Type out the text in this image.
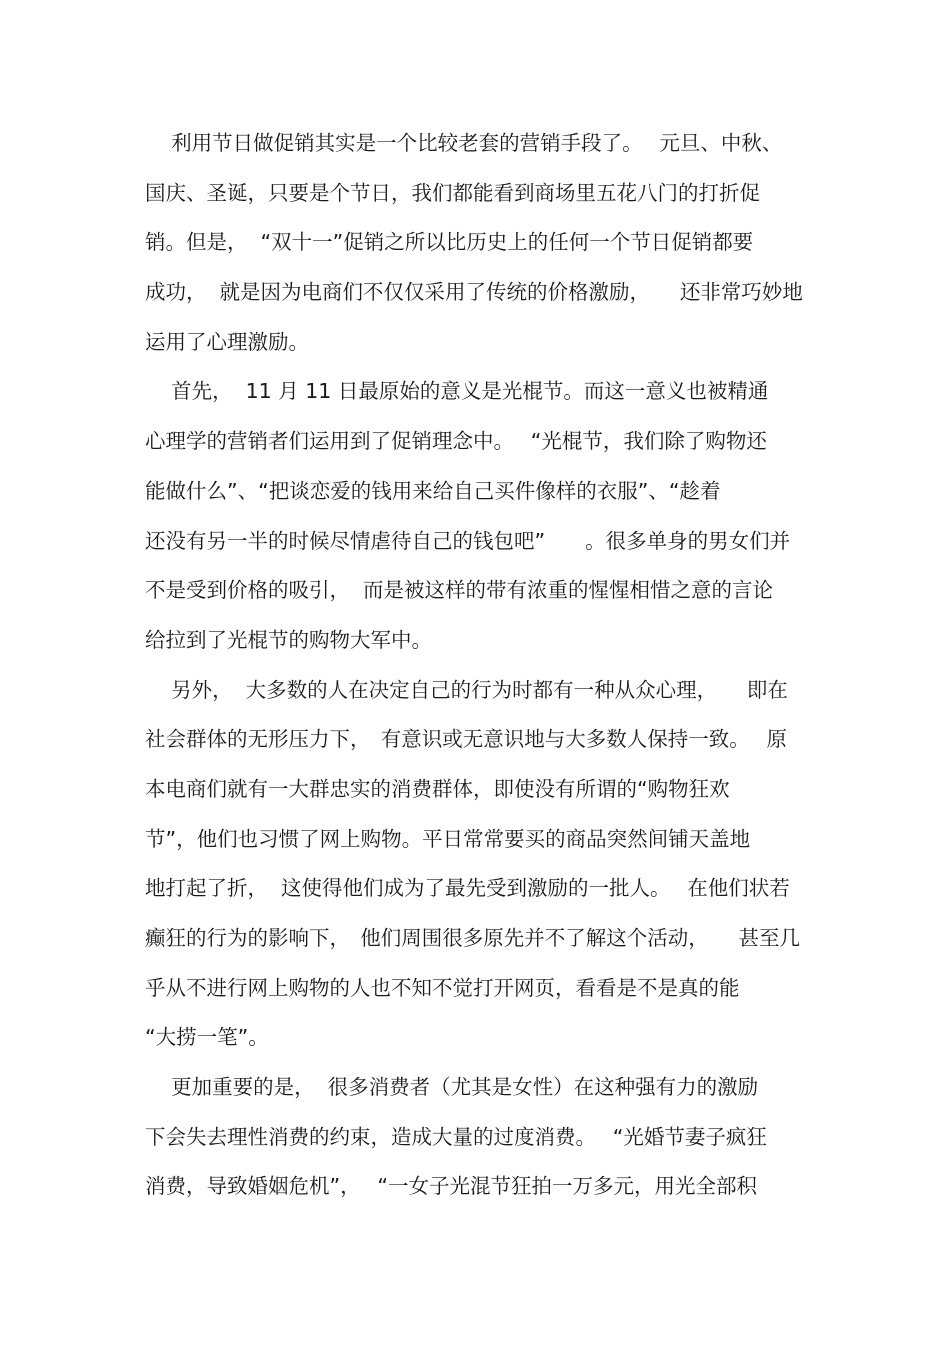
利用节日做促销其实是一个比较老套的营销手段了。　 元旦、中秋、
国庆、圣诞，只要是个节日，我们都能看到商场里五花八门的打折促
销。但是，  “双十一”促销之所以比历史上的任何一个节日促销都要
成功，  就是因为电商们不仅仅采用了传统的价格激励，　   还非常巧妙地
运用了心理激励。
首先，  11 月 11 日最原始的意义是光棍节。而这一意义也被精通
心理学的营销者们运用到了促销理念中。　 “光棍节，我们除了购物还
能做什么”、“把谈恋爱的钱用来给自己买件像样的衣服”、“趁着
还没有另一半的时候尽情虐待自己的钱包吧”　   。很多单身的男女们并
不是受到价格的吸引，  而是被这样的带有浓重的惺惺相惜之意的言论
给拉到了光棍节的购物大军中。
另外，  大多数的人在决定自己的行为时都有一种从众心理，　   即在
社会群体的无形压力下，　有意识或无意识地与大多数人保持一致。　 原
本电商们就有一大群忠实的消费群体，即使没有所谓的“购物狂欢
节”，他们也习惯了网上购物。平日常常要买的商品突然间铺天盖地
地打起了折，  这使得他们成为了最先受到激励的一批人。　 在他们状若
癫狂的行为的影响下，　他们周围很多原先并不了解这个活动，　   甚至几
乎从不进行网上购物的人也不知不觉打开网页，看看是不是真的能
“大捞一笔”。
更加重要的是，  很多消费者（尤其是女性）在这种强有力的激励
下会失去理性消费的约束，造成大量的过度消费。　 “光婚节妻子疯狂
消费，导致婚姻危机”，　 “一女子光混节狂拍一万多元，用光全部积
